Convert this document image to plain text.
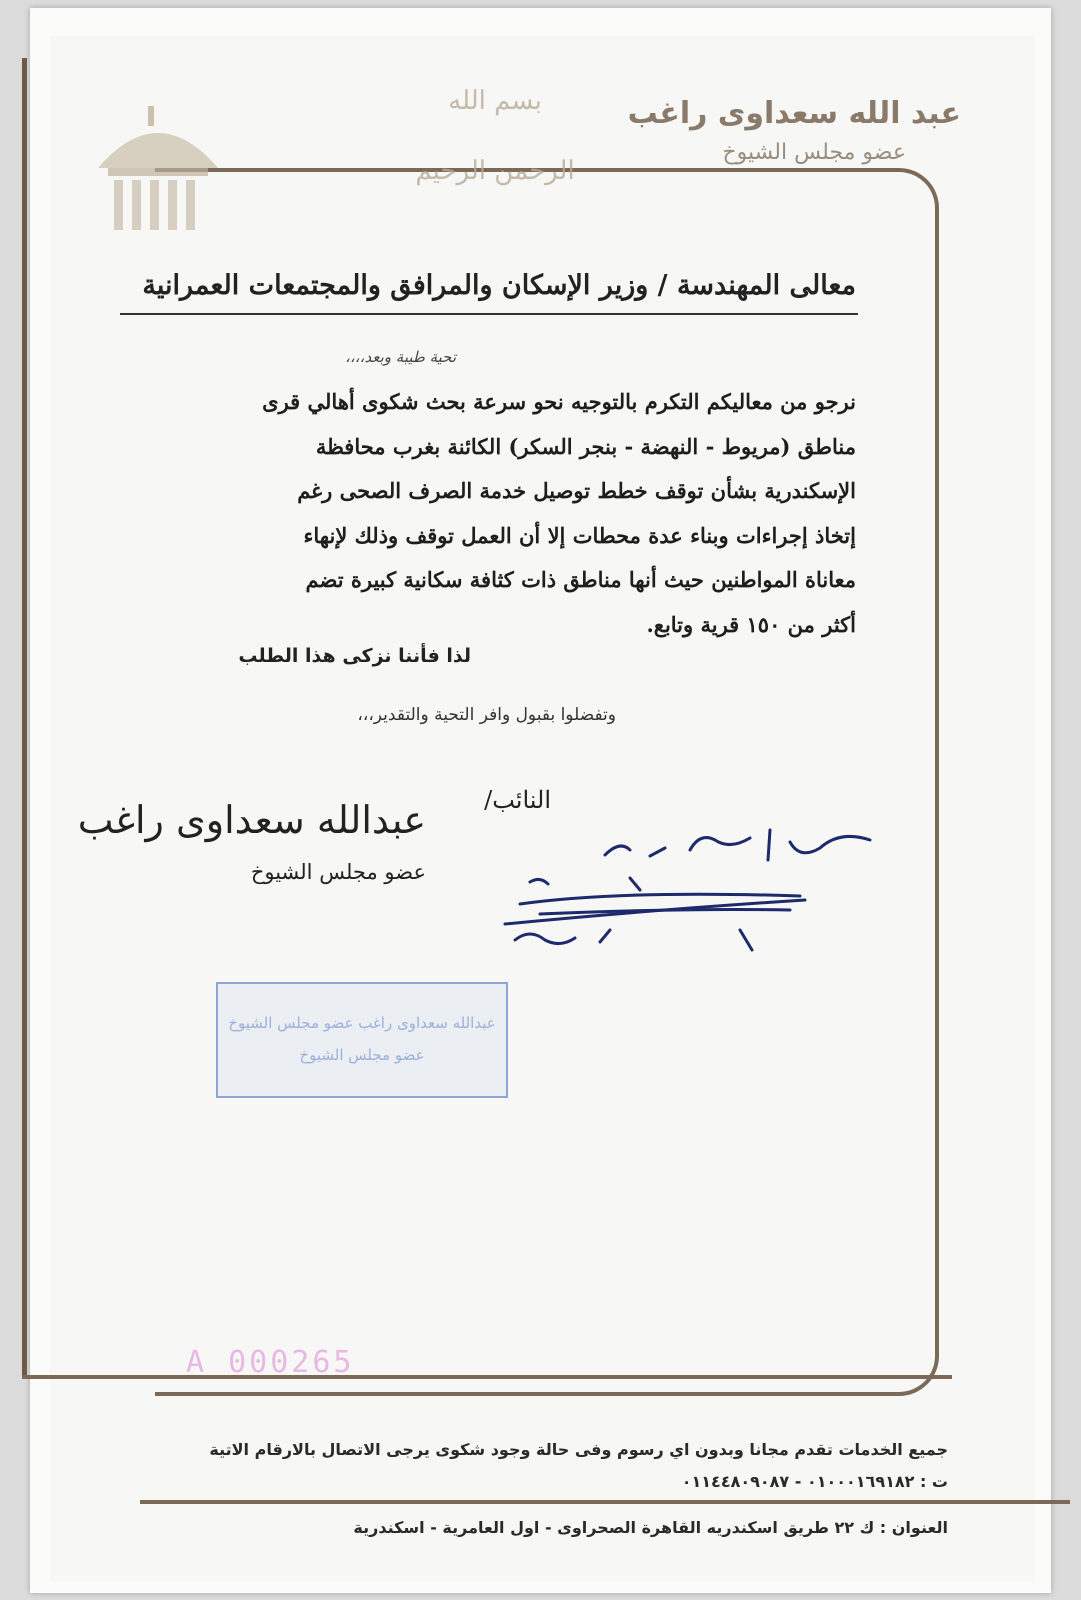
بسم الله الرحمن الرحيم
عبد الله سعداوى راغب
عضو مجلس الشيوخ
معالى المهندسة / وزير الإسكان والمرافق والمجتمعات العمرانية
تحية طيبة وبعد،،،،
نرجو من معاليكم التكرم بالتوجيه نحو سرعة بحث شكوى أهالي قرى
مناطق (مريوط - النهضة - بنجر السكر) الكائنة بغرب محافظة
الإسكندرية بشأن توقف خطط توصيل خدمة الصرف الصحى رغم
إتخاذ إجراءات وبناء عدة محطات إلا أن العمل توقف وذلك لإنهاء
معاناة المواطنين حيث أنها مناطق ذات كثافة سكانية كبيرة تضم
أكثر من ١٥٠ قرية وتابع.
لذا فأننا نزكى هذا الطلب
وتفضلوا بقبول وافر التحية والتقدير،،،
النائب/
عبدالله سعداوى راغب
عضو مجلس الشيوخ
عبدالله سعداوى راغب عضو مجلس الشيوخ
عضو مجلس الشيوخ
A 000265
جميع الخدمات تقدم مجانا وبدون اي رسوم وفى حالة وجود شكوى يرجى الاتصال بالارقام الاتية
ت : ٠١٠٠٠١٦٩١٨٢ - ٠١١٤٤٨٠٩٠٨٧
العنوان : ك ٢٢ طريق اسكندريه القاهرة الصحراوى - اول العامرية - اسكندرية
